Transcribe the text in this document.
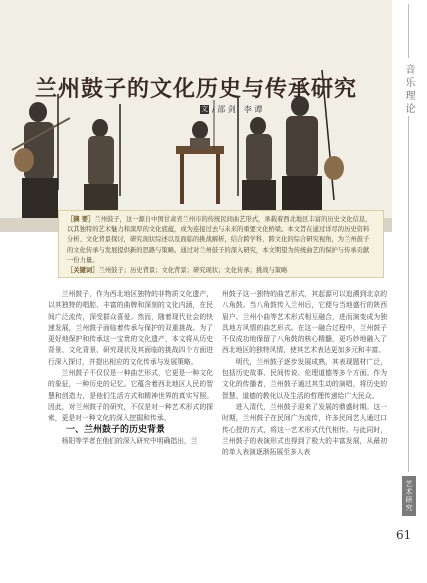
兰州鼓子的文化历史与传承研究
文 / 邵 剑　李 谭	音乐理论
艺术研究
61
［摘 要］兰州鼓子，这一源自中国甘肃省兰州市的传统民间曲艺形式，承载着西北地区丰富的历史文化信息，以其独特的艺术魅力和深厚的文化底蕴，成为连接过去与未来的重要文化桥梁。本文旨在通过详尽的历史资料分析、文化背景探讨，研究现状综述以及面临的挑战解析，结合跨学科、跨文化的综合研究视角，为兰州鼓子的文化传承与发展提供新的思路与策略。通过对兰州鼓子的深入研究，本文期望为传统曲艺的保护与传承贡献一份力量。
［关键词］兰州鼓子；历史背景；文化背景；研究现状；文化传承；挑战与策略

兰州鼓子，作为西北地区独特的非物质文化遗产，以其独特的唱腔、丰富的曲牌和深刻的文化内涵，在民间广泛流传，深受群众喜爱。然而，随着现代社会的快速发展，兰州鼓子面临着传承与保护的双重挑战。为了更好地保护和传承这一宝贵的文化遗产，本文将从历史背景、文化背景、研究现状及其面临的挑战四个方面进行深入探讨，并提出相应的文化传承与发展策略。

兰州鼓子不仅仅是一种曲艺形式，它更是一种文化的象征，一种历史的记忆。它蕴含着西北地区人民的智慧和创造力，是他们生活方式和精神世界的真实写照。因此，对兰州鼓子的研究，不仅是对一种艺术形式的探索，更是对一种文化的深入挖掘和传承。

一、兰州鼓子的历史背景

杨阳等学者在他们的深入研究中明确指出，兰

州鼓子这一独特的曲艺形式，其起源可以追溯到北京的八角鼓。当八角鼓传入兰州后，它便与当地盛行的陕西眉户、兰州小曲等艺术形式相互融合，进而演变成为独具地方风情的曲艺形式。在这一融合过程中，兰州鼓子不仅成功地保留了八角鼓的核心精髓，更巧妙地融入了西北地区的独特风情，使其艺术表达更加多元和丰富。

明代，兰州鼓子逐步发展成熟，其表现题材广泛，包括历史故事、民间传说、伦理道德等多个方面。作为文化的传播者，兰州鼓子通过其生动的演唱，将历史的智慧、道德的教化以及生活的哲理传递给广大民众。

进入清代，兰州鼓子迎来了发展的鼎盛时期。这一时期，兰州鼓子在民间广为流传，许多民间艺人通过口传心授的方式，将这一艺术形式代代相传。与此同时，兰州鼓子的表演形式也得到了极大的丰富发展，从最初的单人表演逐渐拓展至多人表
